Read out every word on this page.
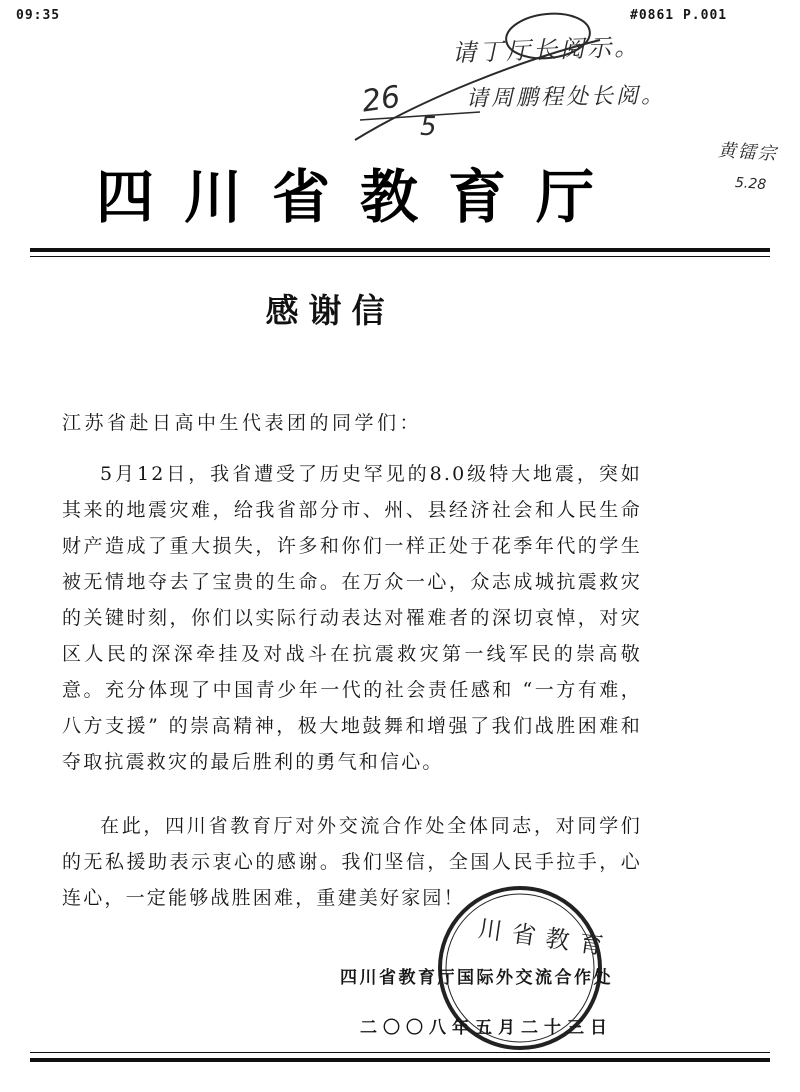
09:35	#0861 P.001
请丁厅长阅示。
请周鹏程处长阅。
黄镭宗
5.28
26
5
川省教育
四川省教育厅
感谢信
江苏省赴日高中生代表团的同学们：

5月12日，我省遭受了历史罕见的8.0级特大地震，突如其来的地震灾难，给我省部分市、州、县经济社会和人民生命财产造成了重大损失，许多和你们一样正处于花季年代的学生被无情地夺去了宝贵的生命。在万众一心，众志成城抗震救灾的关键时刻，你们以实际行动表达对罹难者的深切哀悼，对灾区人民的深深牵挂及对战斗在抗震救灾第一线军民的崇高敬意。充分体现了中国青少年一代的社会责任感和 “一方有难，八方支援” 的崇高精神，极大地鼓舞和增强了我们战胜困难和夺取抗震救灾的最后胜利的勇气和信心。

在此，四川省教育厅对外交流合作处全体同志，对同学们的无私援助表示衷心的感谢。我们坚信，全国人民手拉手，心连心，一定能够战胜困难，重建美好家园！

四川省教育厅国际外交流合作处
二〇〇八年五月二十三日
